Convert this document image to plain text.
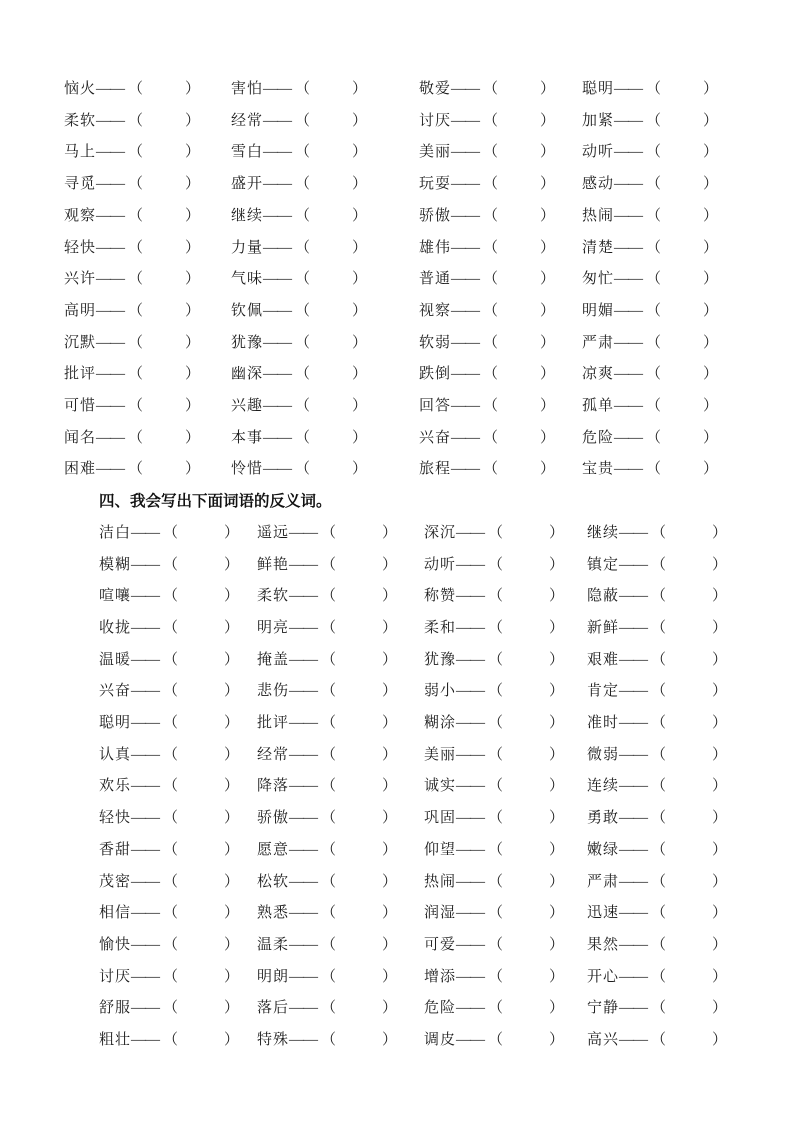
恼火—— （	）	害怕—— （	）	敬爱—— （	）	聪明—— （	）
柔软—— （	）	经常—— （	）	讨厌—— （	）	加紧—— （	）
马上—— （	）	雪白—— （	）	美丽—— （	）	动听—— （	）
寻觅—— （	）	盛开—— （	）	玩耍—— （	）	感动—— （	）
观察—— （	）	继续—— （	）	骄傲—— （	）	热闹—— （	）
轻快—— （	）	力量—— （	）	雄伟—— （	）	清楚—— （	）
兴许—— （	）	气味—— （	）	普通—— （	）	匆忙—— （	）
高明—— （	）	钦佩—— （	）	视察—— （	）	明媚—— （	）
沉默—— （	）	犹豫—— （	）	软弱—— （	）	严肃—— （	）
批评—— （	）	幽深—— （	）	跌倒—— （	）	凉爽—— （	）
可惜—— （	）	兴趣—— （	）	回答—— （	）	孤单—— （	）
闻名—— （	）	本事—— （	）	兴奋—— （	）	危险—— （	）
困难—— （	）	怜惜—— （	）	旅程—— （	）	宝贵—— （	）
四、我会写出下面词语的反义词。
洁白—— （	）	遥远—— （	）	深沉—— （	）	继续—— （	）
模糊—— （	）	鲜艳—— （	）	动听—— （	）	镇定—— （	）
喧嚷—— （	）	柔软—— （	）	称赞—— （	）	隐蔽—— （	）
收拢—— （	）	明亮—— （	）	柔和—— （	）	新鲜—— （	）
温暖—— （	）	掩盖—— （	）	犹豫—— （	）	艰难—— （	）
兴奋—— （	）	悲伤—— （	）	弱小—— （	）	肯定—— （	）
聪明—— （	）	批评—— （	）	糊涂—— （	）	准时—— （	）
认真—— （	）	经常—— （	）	美丽—— （	）	微弱—— （	）
欢乐—— （	）	降落—— （	）	诚实—— （	）	连续—— （	）
轻快—— （	）	骄傲—— （	）	巩固—— （	）	勇敢—— （	）
香甜—— （	）	愿意—— （	）	仰望—— （	）	嫩绿—— （	）
茂密—— （	）	松软—— （	）	热闹—— （	）	严肃—— （	）
相信—— （	）	熟悉—— （	）	润湿—— （	）	迅速—— （	）
愉快—— （	）	温柔—— （	）	可爱—— （	）	果然—— （	）
讨厌—— （	）	明朗—— （	）	增添—— （	）	开心—— （	）
舒服—— （	）	落后—— （	）	危险—— （	）	宁静—— （	）
粗壮—— （	）	特殊—— （	）	调皮—— （	）	高兴—— （	）
